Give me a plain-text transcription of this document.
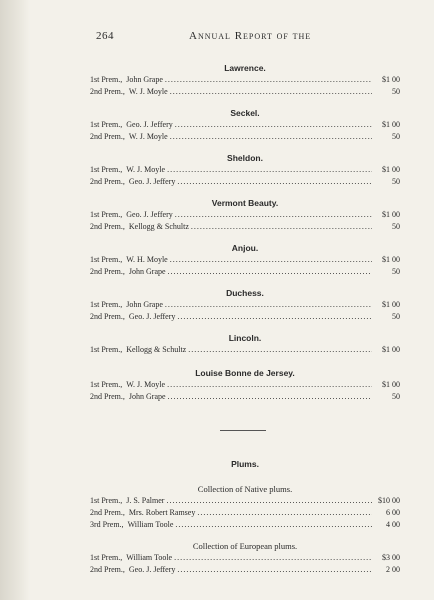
264	Annual Report of the
Lawrence.
1st Prem., John Grape .....	$1 00
2nd Prem., W. J. Moyle .....	50
Seckel.
1st Prem., Geo. J. Jeffery .....	$1 00
2nd Prem., W. J. Moyle .....	50
Sheldon.
1st Prem., W. J. Moyle .....	$1 00
2nd Prem., Geo. J. Jeffery .....	50
Vermont Beauty.
1st Prem., Geo. J. Jeffery .....	$1 00
2nd Prem., Kellogg & Schultz .....	50
Anjou.
1st Prem., W. H. Moyle .....	$1 00
2nd Prem., John Grape .....	50
Duchess.
1st Prem., John Grape .....	$1 00
2nd Prem., Geo. J. Jeffery .....	50
Lincoln.
1st Prem., Kellogg & Schultz .....	$1 00
Louise Bonne de Jersey.
1st Prem., W. J. Moyle .....	$1 00
2nd Prem., John Grape .....	50
Plums.
Collection of Native plums.
1st Prem., J. S. Palmer .....	$10 00
2nd Prem., Mrs. Robert Ramsey .....	6 00
3rd Prem., William Toole .....	4 00
Collection of European plums.
1st Prem., William Toole .....	$3 00
2nd Prem., Geo. J. Jeffery .....	2 00
